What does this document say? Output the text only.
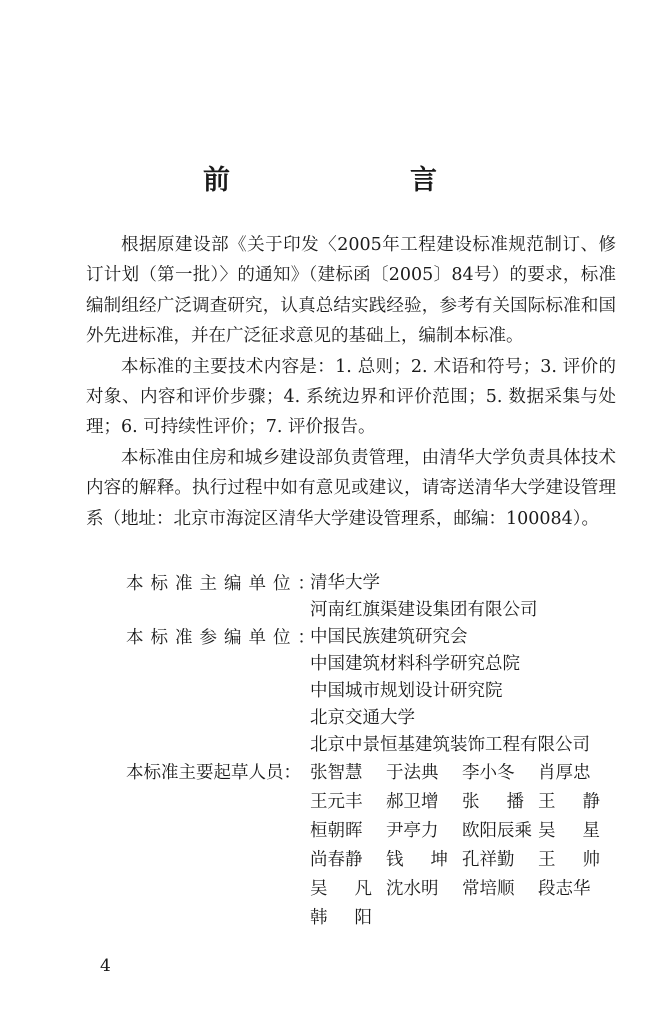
前　　言

根据原建设部《关于印发〈2005年工程建设标准规范制订、修订计划（第一批）〉的通知》（建标函〔2005〕84号）的要求，标准编制组经广泛调查研究，认真总结实践经验，参考有关国际标准和国外先进标准，并在广泛征求意见的基础上，编制本标准。

本标准的主要技术内容是：1. 总则；2. 术语和符号；3. 评价的对象、内容和评价步骤；4. 系统边界和评价范围；5. 数据采集与处理；6. 可持续性评价；7. 评价报告。

本标准由住房和城乡建设部负责管理，由清华大学负责具体技术内容的解释。执行过程中如有意见或建议，请寄送清华大学建设管理系（地址：北京市海淀区清华大学建设管理系，邮编：100084）。

本标准主编单位：
清华大学
河南红旗渠建设集团有限公司
本标准参编单位：
中国民族建筑研究会
中国建筑材料科学研究总院
中国城市规划设计研究院
北京交通大学
北京中景恒基建筑装饰工程有限公司
本标准主要起草人员： 张智慧	于法典	李小冬	肖厚忠
王元丰	郝卫增	张 播 王 静
桓朝晖	尹亭力	欧阳辰乘 吴 星
尚春静	钱 坤 孔祥勤	王 帅
吴 凡 沈水明	常培顺	段志华
韩 阳
4
